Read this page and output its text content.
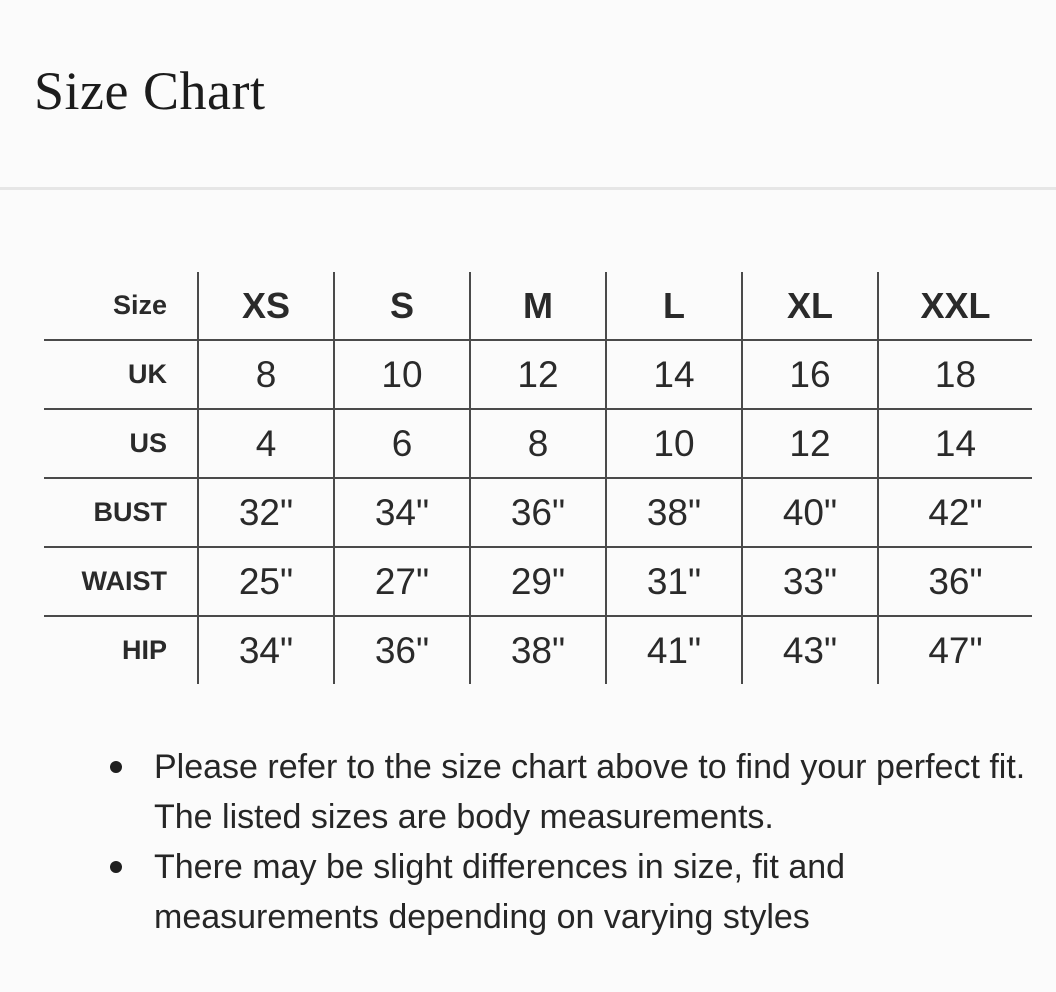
Size Chart
Size	XS	S	M	L	XL	XXL
UK	8	10	12	14	16	18
US	4	6	8	10	12	14
BUST	32"	34"	36"	38"	40"	42"
WAIST	25"	27"	29"	31"	33"	36"
HIP	34"	36"	38"	41"	43"	47"
Please refer to the size chart above to find your perfect fit. The listed sizes are body measurements.
There may be slight differences in size, fit and measurements depending on varying styles
